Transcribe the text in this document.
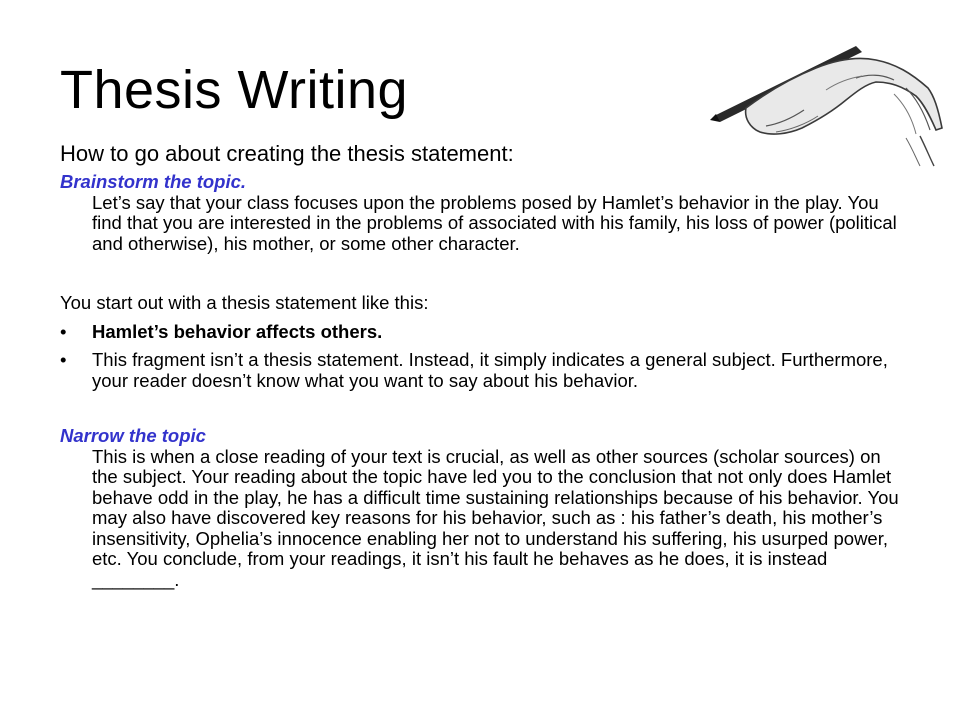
Thesis Writing
How to go about creating the thesis statement:
Brainstorm the topic.
Let’s say that your class focuses upon the problems posed by Hamlet’s behavior in the play. You find that you are interested in the problems of associated with his family, his loss of power (political and otherwise), his mother, or some other character.
You start out with a thesis statement like this:
•	Hamlet’s behavior affects others.
•	This fragment isn’t a thesis statement. Instead, it simply indicates a general subject. Furthermore, your reader doesn’t know what you want to say about his behavior.
Narrow the topic
This is when a close reading of your text is crucial, as well as other sources (scholar sources) on the subject. Your reading about the topic have led you to the conclusion that not only does Hamlet behave odd in the play, he has a difficult time sustaining relationships because of his behavior. You may also have discovered key reasons for his behavior, such as : his father’s death, his mother’s insensitivity, Ophelia’s innocence enabling her not to understand his suffering, his usurped power, etc. You conclude, from your readings, it isn’t his fault he behaves as he does, it is instead ________.
